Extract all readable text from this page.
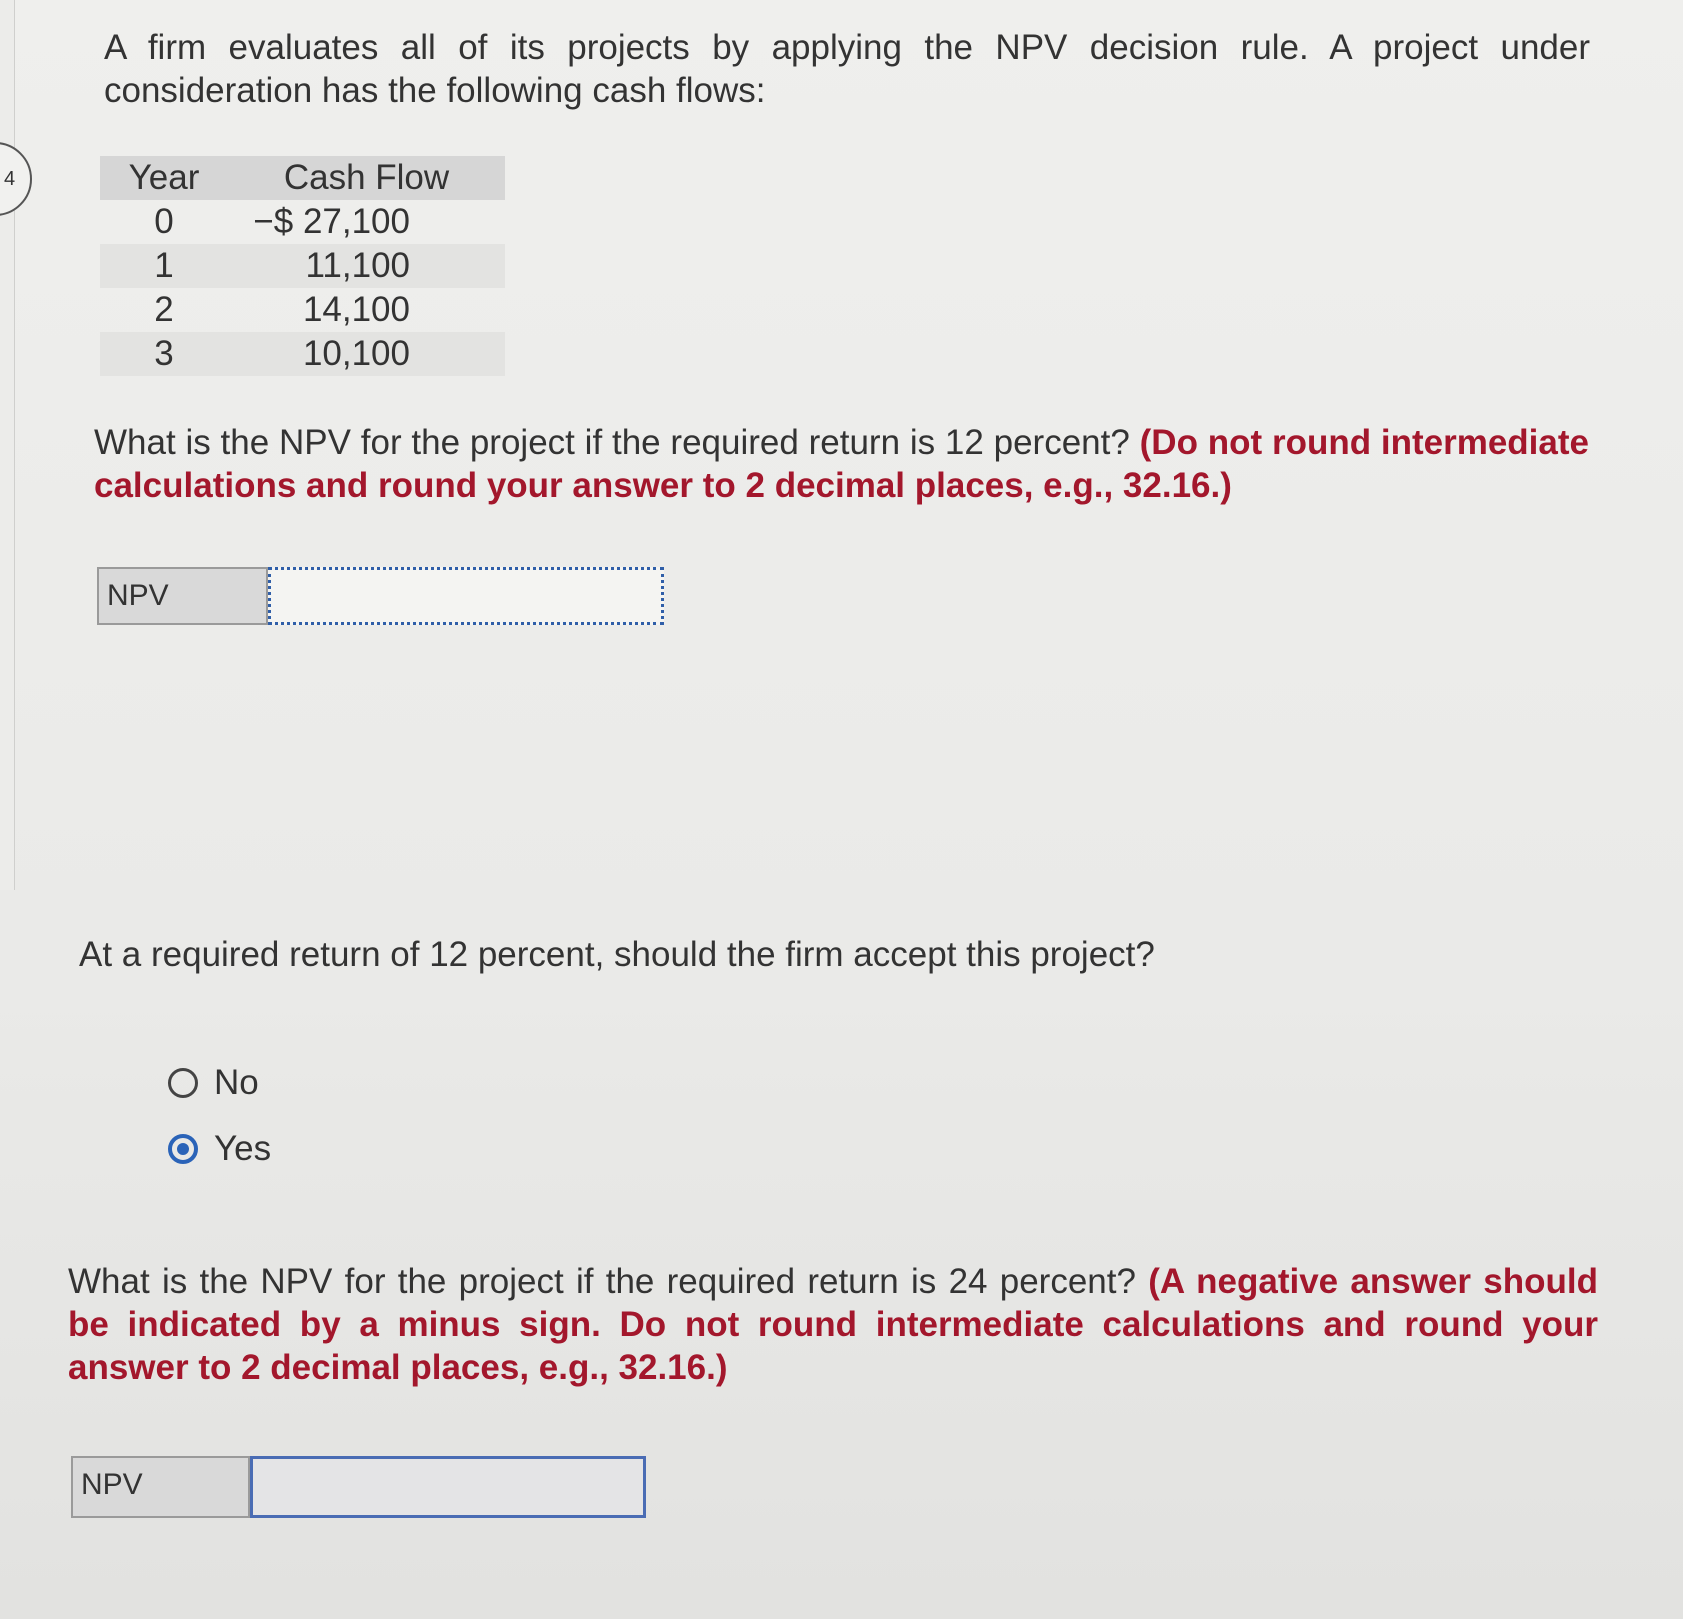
4
A firm evaluates all of its projects by applying the NPV decision rule. A project under consideration has the following cash flows:
Year	Cash Flow	
0	−$ 27,100	
1	11,100	
2	14,100	
3	10,100	
What is the NPV for the project if the required return is 12 percent? (Do not round intermediate calculations and round your answer to 2 decimal places, e.g., 32.16.)
NPV
At a required return of 12 percent, should the firm accept this project?
No
Yes
What is the NPV for the project if the required return is 24 percent? (A negative answer should be indicated by a minus sign. Do not round intermediate calculations and round your answer to 2 decimal places, e.g., 32.16.)
NPV
